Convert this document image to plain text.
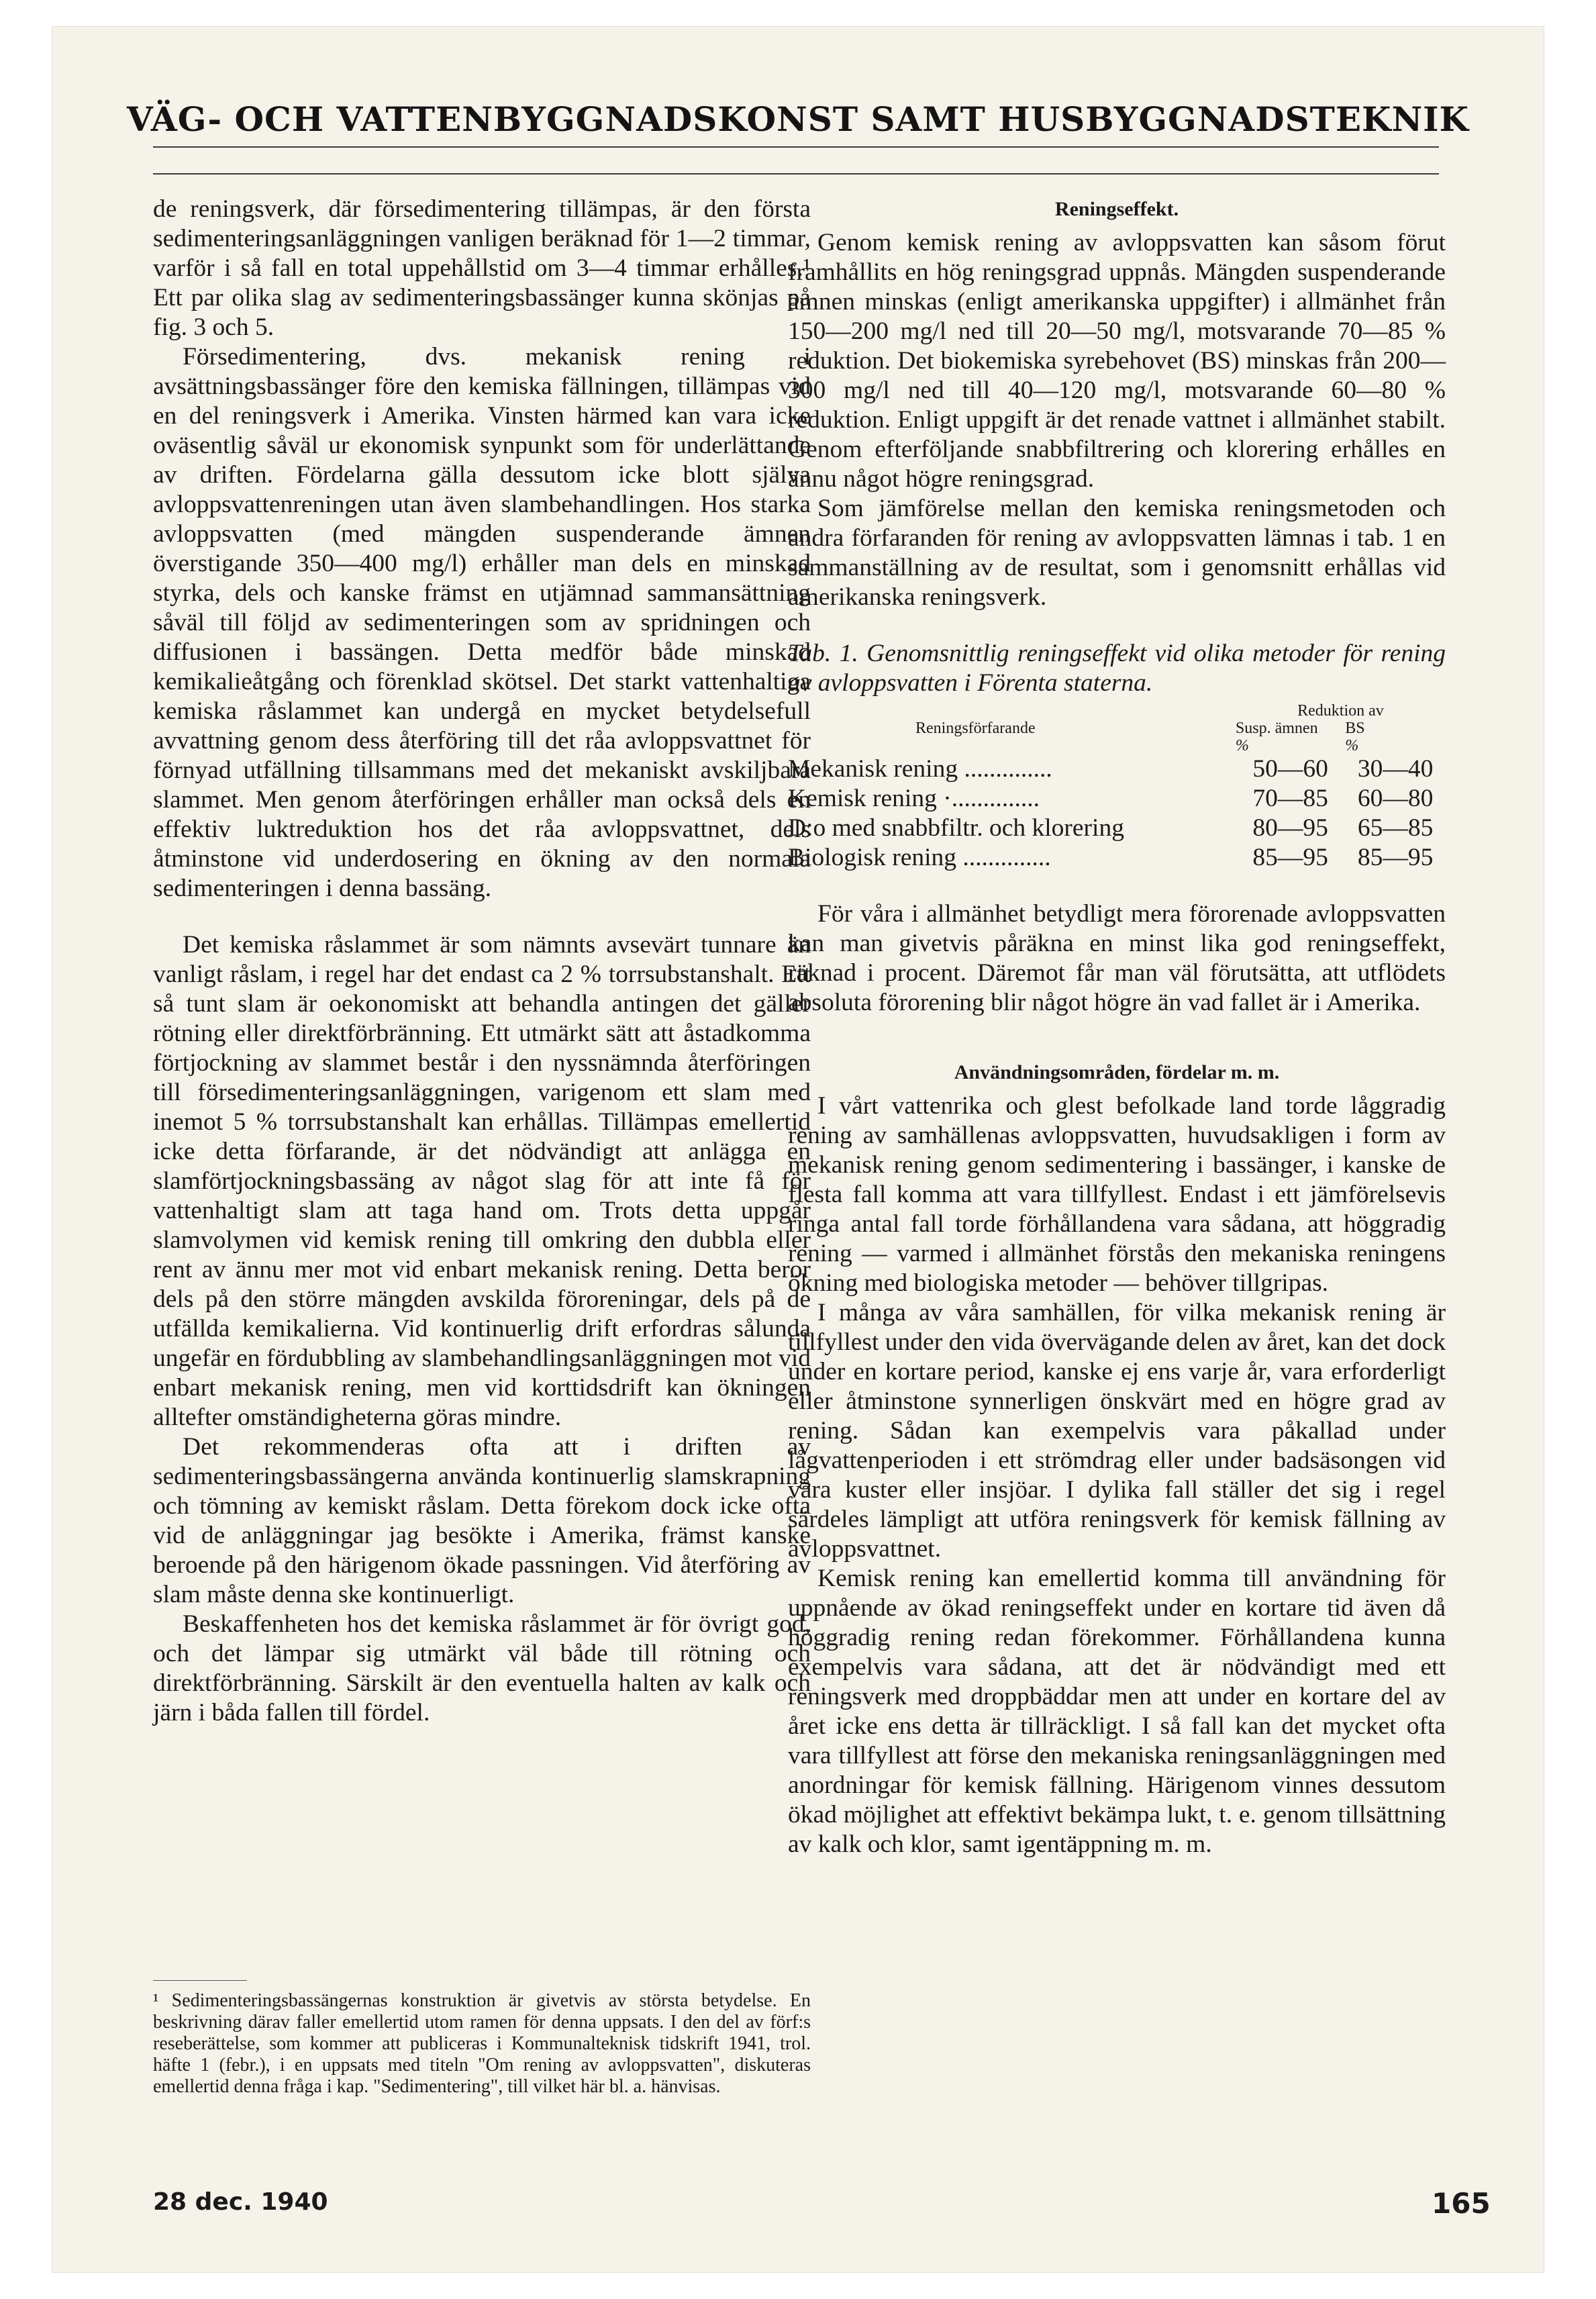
VÄG- OCH VATTENBYGGNADSKONST SAMT HUSBYGGNADSTEKNIK

de reningsverk, där försedimentering tillämpas, är den första sedimenteringsanläggningen vanligen beräknad för 1—2 timmar, varför i så fall en total uppehållstid om 3—4 timmar erhålles.¹ Ett par olika slag av sedimenteringsbassänger kunna skönjas på fig. 3 och 5.

Försedimentering, dvs. mekanisk rening i avsättningsbassänger före den kemiska fällningen, tillämpas vid en del reningsverk i Amerika. Vinsten härmed kan vara icke oväsentlig såväl ur ekonomisk synpunkt som för underlättande av driften. Fördelarna gälla dessutom icke blott själva avloppsvattenreningen utan även slambehandlingen. Hos starka avloppsvatten (med mängden suspenderande ämnen överstigande 350—400 mg/l) erhåller man dels en minskad styrka, dels och kanske främst en utjämnad sammansättning såväl till följd av sedimenteringen som av spridningen och diffusionen i bassängen. Detta medför både minskad kemikalieåtgång och förenklad skötsel. Det starkt vattenhaltiga kemiska råslammet kan undergå en mycket betydelsefull avvattning genom dess återföring till det råa avloppsvattnet för förnyad utfällning tillsammans med det mekaniskt avskiljbara slammet. Men genom återföringen erhåller man också dels en effektiv luktreduktion hos det råa avloppsvattnet, dels åtminstone vid underdosering en ökning av den normala sedimenteringen i denna bassäng.

Det kemiska råslammet är som nämnts avsevärt tunnare än vanligt råslam, i regel har det endast ca 2 % torrsubstanshalt. Ett så tunt slam är oekonomiskt att behandla antingen det gäller rötning eller direktförbränning. Ett utmärkt sätt att åstadkomma förtjockning av slammet består i den nyssnämnda återföringen till försedimenteringsanläggningen, varigenom ett slam med inemot 5 % torrsubstanshalt kan erhållas. Tillämpas emellertid icke detta förfarande, är det nödvändigt att anlägga en slamförtjockningsbassäng av något slag för att inte få för vattenhaltigt slam att taga hand om. Trots detta uppgår slamvolymen vid kemisk rening till omkring den dubbla eller rent av ännu mer mot vid enbart mekanisk rening. Detta beror dels på den större mängden avskilda föroreningar, dels på de utfällda kemikalierna. Vid kontinuerlig drift erfordras sålunda ungefär en fördubbling av slambehandlingsanläggningen mot vid enbart mekanisk rening, men vid korttidsdrift kan ökningen alltefter omständigheterna göras mindre.

Det rekommenderas ofta att i driften av sedimenteringsbassängerna använda kontinuerlig slamskrapning och tömning av kemiskt råslam. Detta förekom dock icke ofta vid de anläggningar jag besökte i Amerika, främst kanske beroende på den härigenom ökade passningen. Vid återföring av slam måste denna ske kontinuerligt.

Beskaffenheten hos det kemiska råslammet är för övrigt god, och det lämpar sig utmärkt väl både till rötning och direktförbränning. Särskilt är den eventuella halten av kalk och järn i båda fallen till fördel.

¹ Sedimenteringsbassängernas konstruktion är givetvis av största betydelse. En beskrivning därav faller emellertid utom ramen för denna uppsats. I den del av förf:s reseberättelse, som kommer att publiceras i Kommunalteknisk tidskrift 1941, trol. häfte 1 (febr.), i en uppsats med titeln "Om rening av avloppsvatten", diskuteras emellertid denna fråga i kap. "Sedimentering", till vilket här bl. a. hänvisas.
Reningseffekt.

Genom kemisk rening av avloppsvatten kan såsom förut framhållits en hög reningsgrad uppnås. Mängden suspenderande ämnen minskas (enligt amerikanska uppgifter) i allmänhet från 150—200 mg/l ned till 20—50 mg/l, motsvarande 70—85 % reduktion. Det biokemiska syrebehovet (BS) minskas från 200—300 mg/l ned till 40—120 mg/l, motsvarande 60—80 % reduktion. Enligt uppgift är det renade vattnet i allmänhet stabilt. Genom efterföljande snabbfiltrering och klorering erhålles en ännu något högre reningsgrad.

Som jämförelse mellan den kemiska reningsmetoden och andra förfaranden för rening av avloppsvatten lämnas i tab. 1 en sammanställning av de resultat, som i genomsnitt erhållas vid amerikanska reningsverk.

Tab. 1. Genomsnittlig reningseffekt vid olika metoder för rening av avloppsvatten i Förenta staterna.

	Reduktion av	
Reningsförfarande	Susp. ämnen	BS
	%	%
Mekanisk rening ..............	50—60	30—40
Kemisk rening ·..............	70—85	60—80
D:o med snabbfiltr. och klorering	80—95	65—85
Biologisk rening ..............	85—95	85—95

För våra i allmänhet betydligt mera förorenade avloppsvatten kan man givetvis påräkna en minst lika god reningseffekt, räknad i procent. Däremot får man väl förutsätta, att utflödets absoluta förorening blir något högre än vad fallet är i Amerika.

Användningsområden, fördelar m. m.

I vårt vattenrika och glest befolkade land torde låggradig rening av samhällenas avloppsvatten, huvudsakligen i form av mekanisk rening genom sedimentering i bassänger, i kanske de flesta fall komma att vara tillfyllest. Endast i ett jämförelsevis ringa antal fall torde förhållandena vara sådana, att höggradig rening — varmed i allmänhet förstås den mekaniska reningens ökning med biologiska metoder — behöver tillgripas.

I många av våra samhällen, för vilka mekanisk rening är tillfyllest under den vida övervägande delen av året, kan det dock under en kortare period, kanske ej ens varje år, vara erforderligt eller åtminstone synnerligen önskvärt med en högre grad av rening. Sådan kan exempelvis vara påkallad under lågvattenperioden i ett strömdrag eller under badsäsongen vid våra kuster eller insjöar. I dylika fall ställer det sig i regel särdeles lämpligt att utföra reningsverk för kemisk fällning av avloppsvattnet.

Kemisk rening kan emellertid komma till användning för uppnående av ökad reningseffekt under en kortare tid även då höggradig rening redan förekommer. Förhållandena kunna exempelvis vara sådana, att det är nödvändigt med ett reningsverk med droppbäddar men att under en kortare del av året icke ens detta är tillräckligt. I så fall kan det mycket ofta vara tillfyllest att förse den mekaniska reningsanläggningen med anordningar för kemisk fällning. Härigenom vinnes dessutom ökad möjlighet att effektivt bekämpa lukt, t. e. genom tillsättning av kalk och klor, samt igentäppning m. m.

28 dec. 1940	165
